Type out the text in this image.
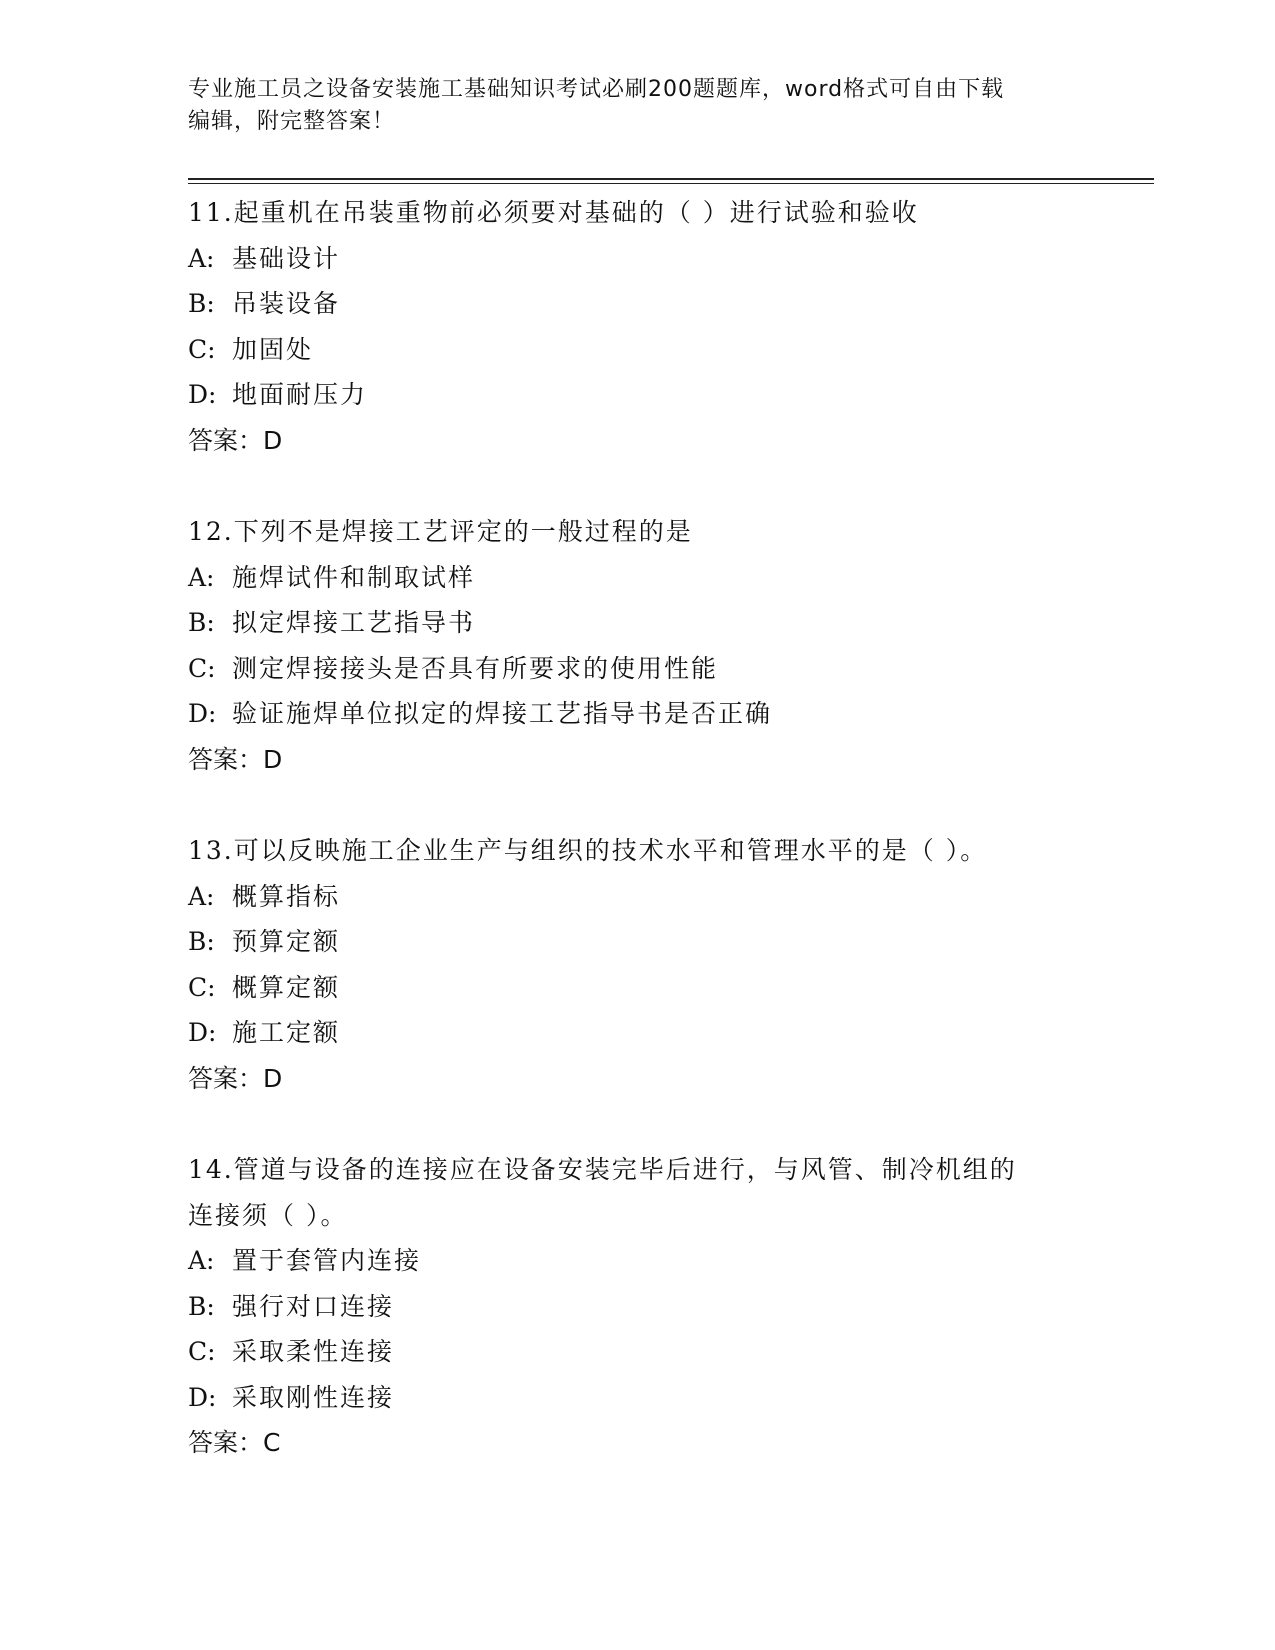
专业施工员之设备安装施工基础知识考试必刷200题题库，word格式可自由下载
编辑，附完整答案！
11.起重机在吊装重物前必须要对基础的（ ）进行试验和验收
A: 基础设计
B: 吊装设备
C: 加固处
D: 地面耐压力
答案：D
12.下列不是焊接工艺评定的一般过程的是
A: 施焊试件和制取试样
B: 拟定焊接工艺指导书
C: 测定焊接接头是否具有所要求的使用性能
D: 验证施焊单位拟定的焊接工艺指导书是否正确
答案：D
13.可以反映施工企业生产与组织的技术水平和管理水平的是（ ）。
A: 概算指标
B: 预算定额
C: 概算定额
D: 施工定额
答案：D
14.管道与设备的连接应在设备安装完毕后进行，与风管、制冷机组的
连接须（ ）。
A: 置于套管内连接
B: 强行对口连接
C: 采取柔性连接
D: 采取刚性连接
答案：C
